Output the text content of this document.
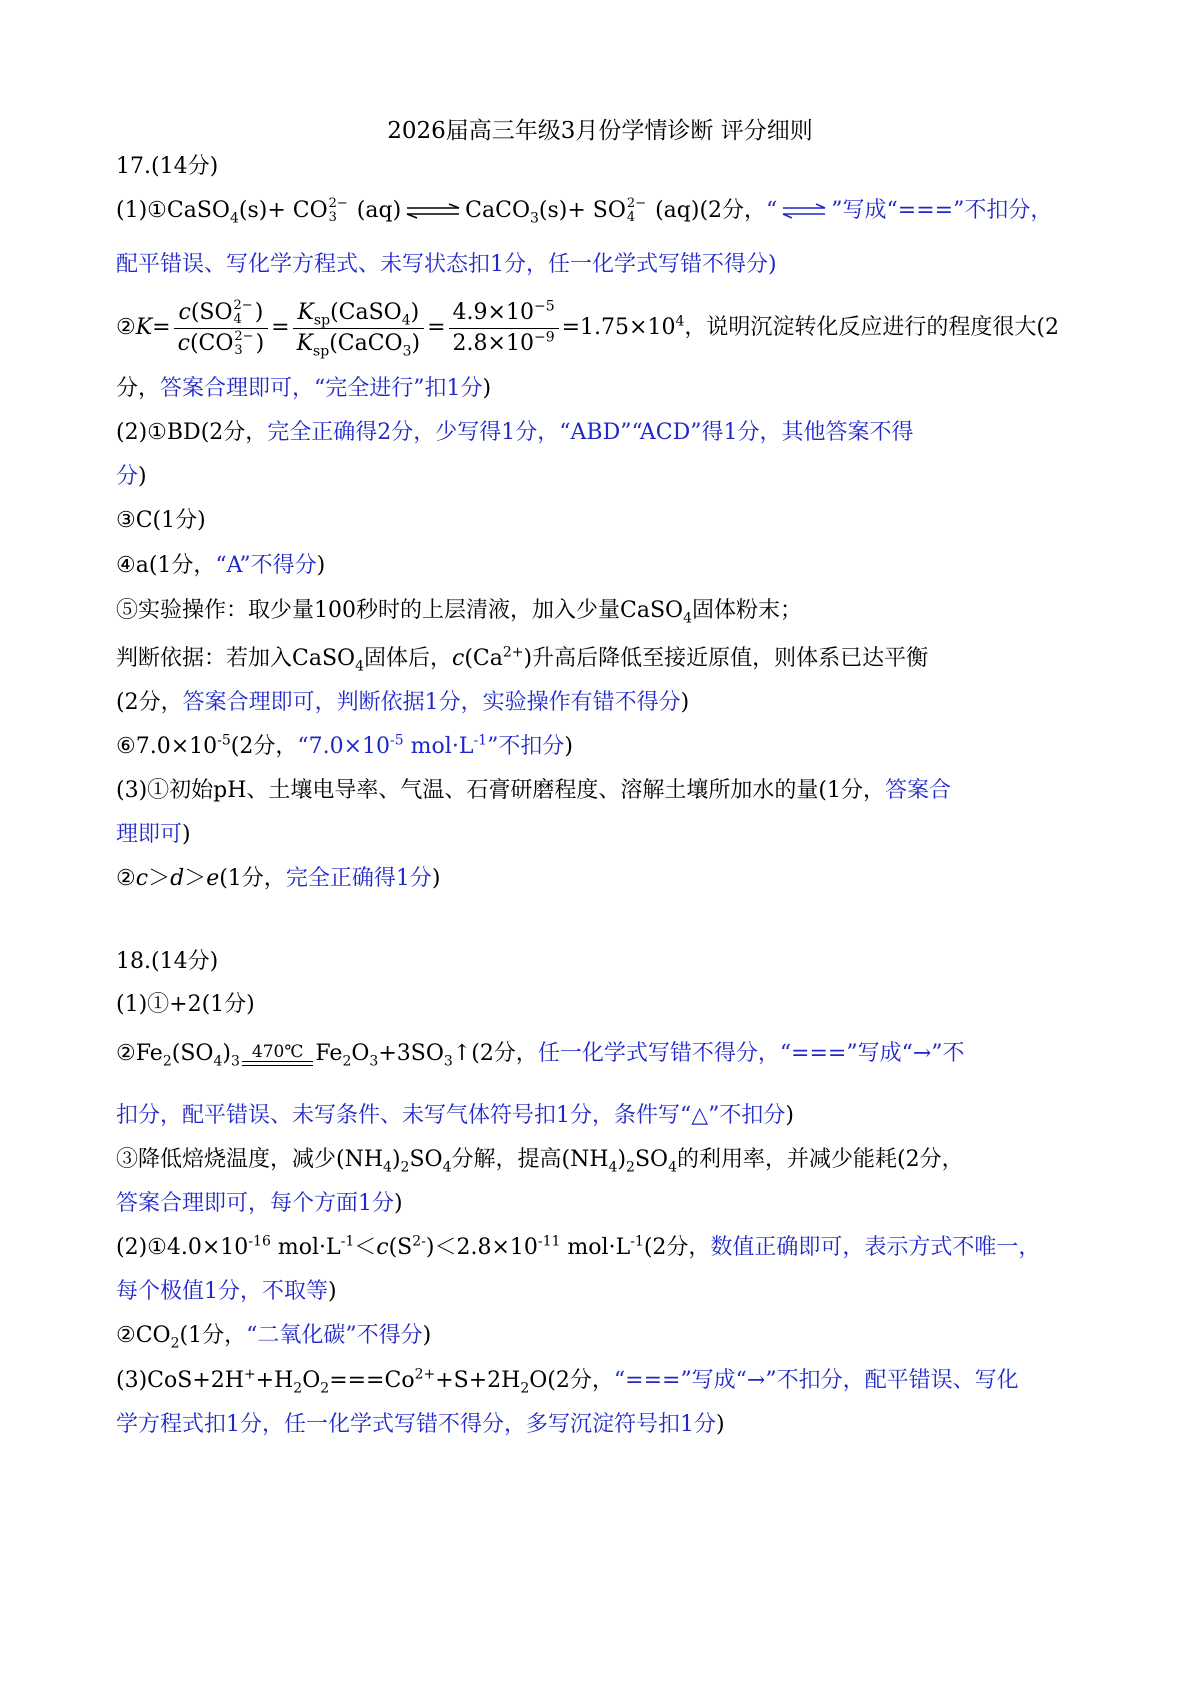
2026届高三年级3月份学情诊断 评分细则
17.(14分)
(1)①CaSO$_4$(s)+ CO 2−
3 (aq) ⇌ CaCO$_3$(s)+ SO 2−
4 (aq)(2分，“ ”写成“===”不扣分，
配平错误、写化学方程式、未写状态扣1分，任一化学式写错不得分)
②K= c(SO 2−
4 )
c(CO 2−
3 ) = $\frac{K_{sp}(CaSO_4)}{K_{sp}(CaCO_3)} = \frac{4.9\times 10^{-5}}{2.8\times 10^{-9}} =1.75\times 10^4$，说明沉淀转化反应进行的程度很大(2
分，答案合理即可，“完全进行”扣1分)
(2)①BD(2分，完全正确得2分，少写得1分，“ABD”“ACD”得1分，其他答案不得
分)
③C(1分)
④a(1分，“A”不得分)
⑤实验操作：取少量100秒时的上层清液，加入少量CaSO$_4$固体粉末；
判断依据：若加入CaSO$_4$固体后，$c(Ca^{2+})$升高后降低至接近原值，则体系已达平衡
(2分，答案合理即可，判断依据1分，实验操作有错不得分)
$⑥7.0\times 10^{-5}(2$分，“$7.0\times 10^{-5}$ $mol\cdot L^{-1}$”不扣分)
(3)①初始pH、土壤电导率、气温、石膏研磨程度、溶解土壤所加水的量(1分，答案合
理即可)
②c＞d＞e(1分，完全正确得1分)
18.(14分)
(1)①+2(1分)
$②Fe_2(SO_4)_3$ 470℃ $Fe_2O_3+3SO_3↑(2$分，任一化学式写错不得分，“===”写成“→”不
扣分，配平错误、未写条件、未写气体符号扣1分，条件写“△”不扣分)
③降低焙烧温度，减少$(NH_4)_2SO_4$分解，提高$(NH_4)_2SO_4$的利用率，并减少能耗(2分，
答案合理即可，每个方面1分)
$(2)①4.0\times 10^{-16}$ $mol\cdot L^{-1}<c(S^{2-})<2.8\times 10^{-11}$ $mol\cdot L^{-1}(2$分，数值正确即可，表示方式不唯一，
每个极值1分，不取等)
$②CO_2(1$分，“二氧化碳”不得分)
$(3)CoS+2H^++H_2O_2===Co^{2+}+S+2H_2O(2$分，“===”写成“→”不扣分，配平错误、写化
学方程式扣1分，任一化学式写错不得分，多写沉淀符号扣1分)
